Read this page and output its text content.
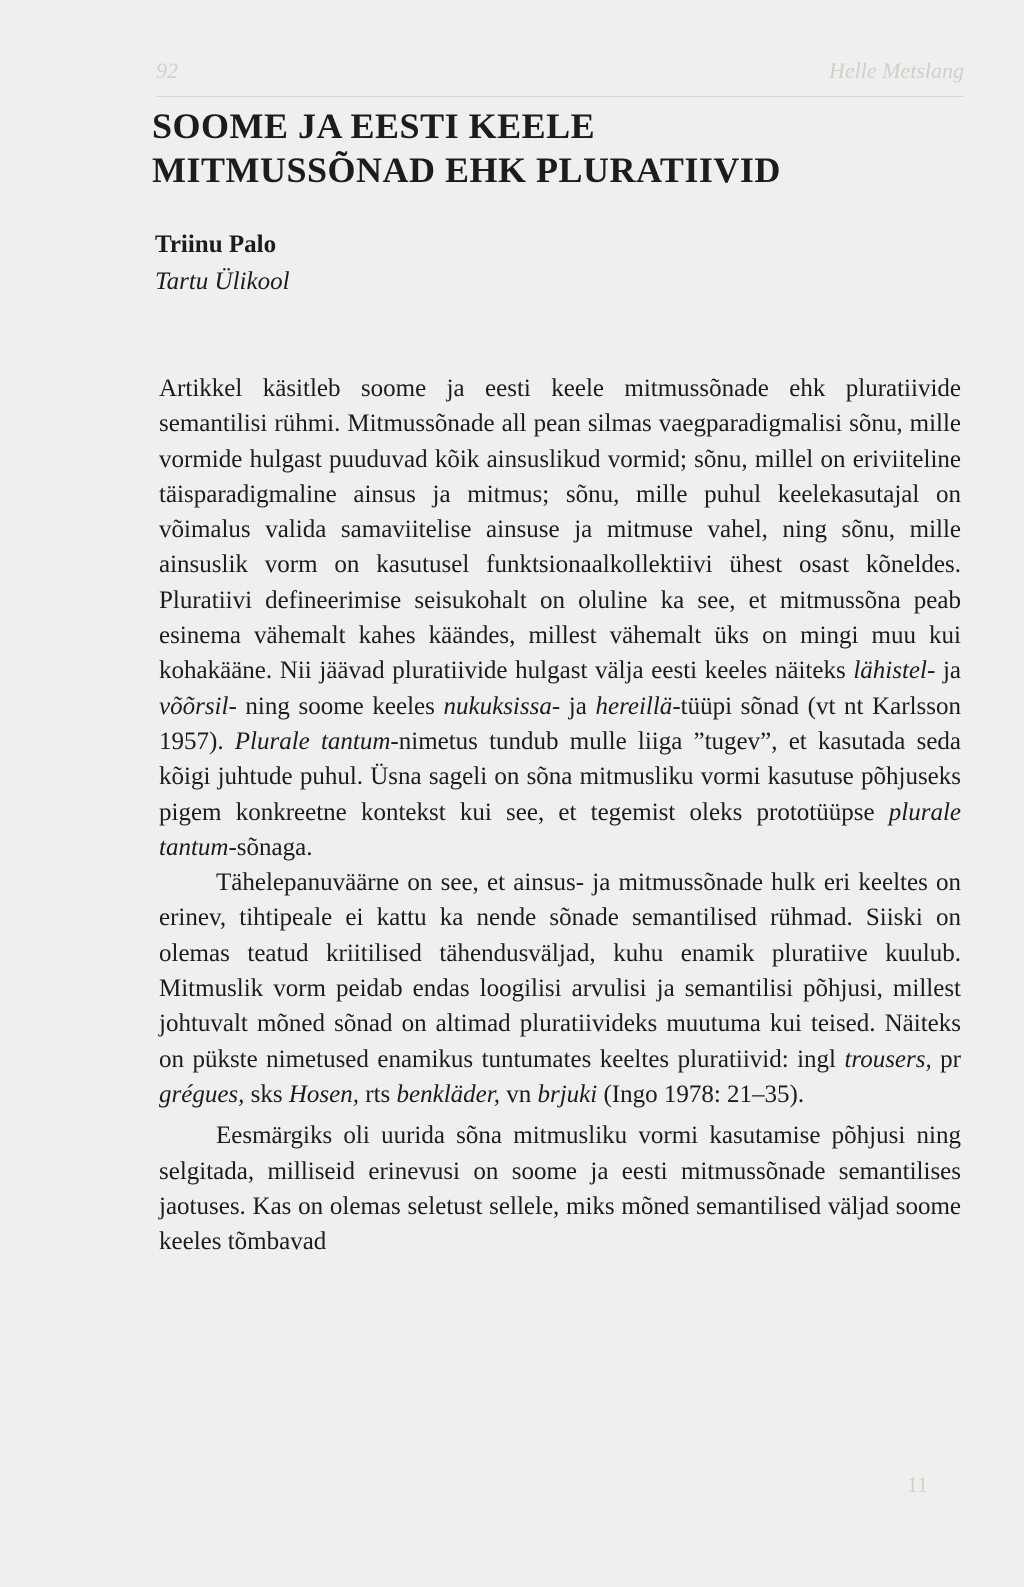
92	Helle Metslang
11
SOOME JA EESTI KEELE
MITMUSSÕNAD EHK PLURATIIVID
Triinu Palo
Tartu Ülikool

Artikkel käsitleb soome ja eesti keele mitmussõnade ehk pluratiivide semantilisi rühmi. Mitmussõnade all pean silmas vaegparadigmalisi sõnu, mille vormide hulgast puuduvad kõik ainsuslikud vormid; sõnu, millel on eriviiteline täisparadigmaline ainsus ja mitmus; sõnu, mille puhul keelekasutajal on võimalus valida samaviitelise ainsuse ja mitmuse vahel, ning sõnu, mille ainsuslik vorm on kasutusel funktsionaalkollektiivi ühest osast kõneldes. Pluratiivi defineerimise seisukohalt on oluline ka see, et mitmussõna peab esinema vähemalt kahes käändes, millest vähemalt üks on mingi muu kui kohakääne. Nii jäävad pluratiivide hulgast välja eesti keeles näiteks lähistel- ja võõrsil- ning soome keeles nukuksissa- ja hereillä-tüüpi sõnad (vt nt Karlsson 1957). Plurale tantum-nimetus tundub mulle liiga ”tugev”, et kasutada seda kõigi juhtude puhul. Üsna sageli on sõna mitmusliku vormi kasutuse põhjuseks pigem konkreetne kontekst kui see, et tegemist oleks prototüüpse plurale tantum-sõnaga.

Tähelepanuväärne on see, et ainsus- ja mitmussõnade hulk eri keeltes on erinev, tihtipeale ei kattu ka nende sõnade semantilised rühmad. Siiski on olemas teatud kriitilised tähendusväljad, kuhu enamik pluratiive kuulub. Mitmuslik vorm peidab endas loogilisi arvulisi ja semantilisi põhjusi, millest johtuvalt mõned sõnad on altimad pluratiivideks muutuma kui teised. Näiteks on pükste nimetused enamikus tuntumates keeltes pluratiivid: ingl trousers, pr grégues, sks Hosen, rts benkläder, vn brjuki (Ingo 1978: 21–35).

Eesmärgiks oli uurida sõna mitmusliku vormi kasutamise põhjusi ning selgitada, milliseid erinevusi on soome ja eesti mitmussõnade semantilises jaotuses. Kas on olemas seletust sellele, miks mõned semantilised väljad soome keeles tõmbavad
